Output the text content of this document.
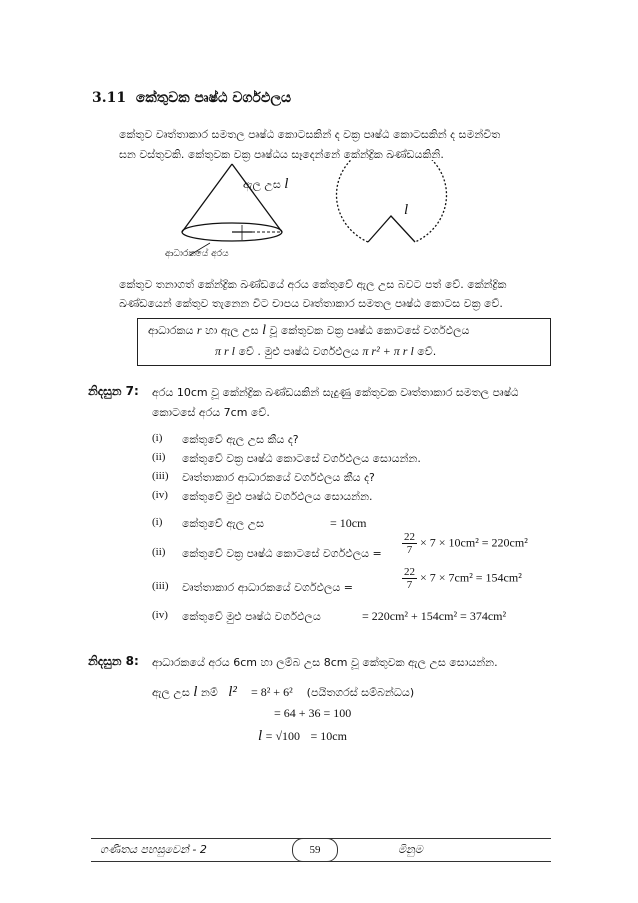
3.11 කේතුවක පෘෂ්ඨ වර්ගඵලය
කේතුව වෘත්තාකාර සමතල පෘෂ්ඨ කොටසකින් ද වක්‍ර පෘෂ්ඨ කොටසකින් ද සමන්විත
ඝන වස්තුවකි. කේතුවක වක්‍ර පෘෂ්ඨය සෑදෙන්නේ කේන්ද්‍රික ඛණ්ඩයකිනි.
ඇල උස l
ආධාරකයේ අරය
l
කේතුව තනාගත් කේන්ද්‍රික ඛණ්ඩයේ අරය කේතුවේ ඇල උස බවට පත් වේ. කේන්ද්‍රික
ඛණ්ඩයෙන් කේතුව තැනෙන විට චාපය වෘත්තාකාර සමතල පෘෂ්ඨ කොටස වක්‍ර වේ.
ආධාරකය r හා ඇල උස l වූ කේතුවක වක්‍ර පෘෂ්ඨ කොටසේ වර්ගඵලය
π r l වේ . මුළු පෘෂ්ඨ වර්ගඵලය π r² + π r l වේ.
නිදසුන 7: අරය 10cm වූ කේන්ද්‍රික ඛණ්ඩයකින් සැදුණු කේතුවක වෘත්තාකාර සමතල පෘෂ්ඨ
කොටසේ අරය 7cm වේ.
(i) කේතුවේ ඇල උස කීය ද?
(ii) කේතුවේ වක්‍ර පෘෂ්ඨ කොටසේ වර්ගඵලය සොයන්න.
(iii) වෘත්තාකාර ආධාරකයේ වර්ගඵලය කීය ද?
(iv) කේතුවේ මුළු පෘෂ්ඨ වර්ගඵලය සොයන්න.
(i) කේතුවේ ඇල උස	= 10cm
(ii) කේතුවේ වක්‍ර පෘෂ්ඨ කොටසේ වර්ගඵලය = $\frac{22}{7} \times 7 \times 10cm^2 = 220cm^2$
(iii) වෘත්තාකාර ආධාරකයේ වර්ගඵලය =	$\frac{22}{7} \times 7 \times 7cm^2 = 154cm^2$
(iv) කේතුවේ මුළු පෘෂ්ඨ වර්ගඵලය	= 220cm² + 154cm² = 374cm²
නිදසුන 8: ආධාරකයේ අරය 6cm හා ලම්බ උස 8cm වූ කේතුවක ඇල උස සොයන්න.
ඇල උස l නම් l² = 8² + 6² (පයිතගරස් සම්බන්ධය)
= 64 + 36 = 100
l = √100 = 10cm
ගණිතය පහසුවෙන් - 2	59	මිනුම
